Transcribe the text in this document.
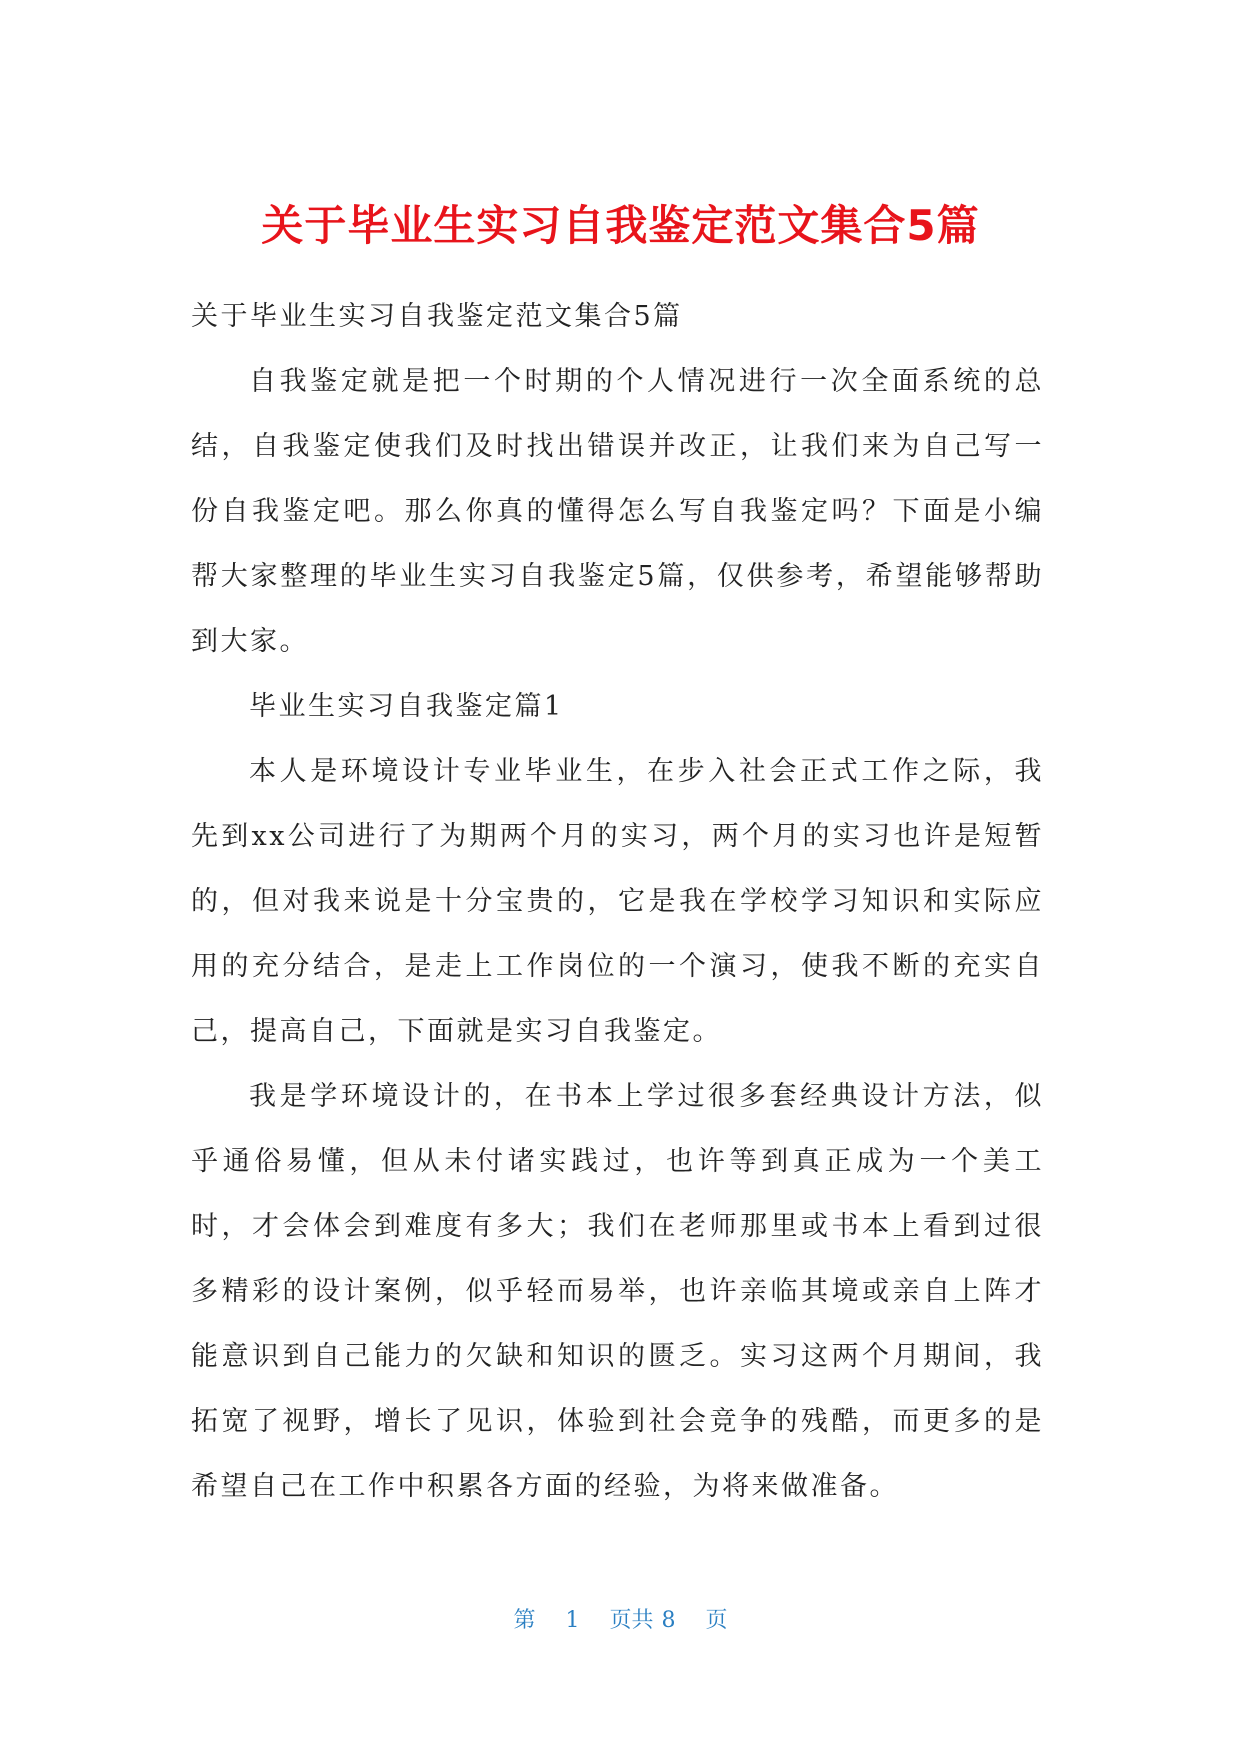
关于毕业生实习自我鉴定范文集合5篇

关于毕业生实习自我鉴定范文集合5篇

自我鉴定就是把一个时期的个人情况进行一次全面系统的总结，自我鉴定使我们及时找出错误并改正，让我们来为自己写一份自我鉴定吧。那么你真的懂得怎么写自我鉴定吗？下面是小编帮大家整理的毕业生实习自我鉴定5篇，仅供参考，希望能够帮助到大家。

毕业生实习自我鉴定篇1

本人是环境设计专业毕业生，在步入社会正式工作之际，我先到xx公司进行了为期两个月的实习，两个月的实习也许是短暂的，但对我来说是十分宝贵的，它是我在学校学习知识和实际应用的充分结合，是走上工作岗位的一个演习，使我不断的充实自己，提高自己，下面就是实习自我鉴定。

我是学环境设计的，在书本上学过很多套经典设计方法，似乎通俗易懂，但从未付诸实践过，也许等到真正成为一个美工时，才会体会到难度有多大；我们在老师那里或书本上看到过很多精彩的设计案例，似乎轻而易举，也许亲临其境或亲自上阵才能意识到自己能力的欠缺和知识的匮乏。实习这两个月期间，我拓宽了视野，增长了见识，体验到社会竞争的残酷，而更多的是希望自己在工作中积累各方面的经验，为将来做准备。

第 1 页共 8 页
